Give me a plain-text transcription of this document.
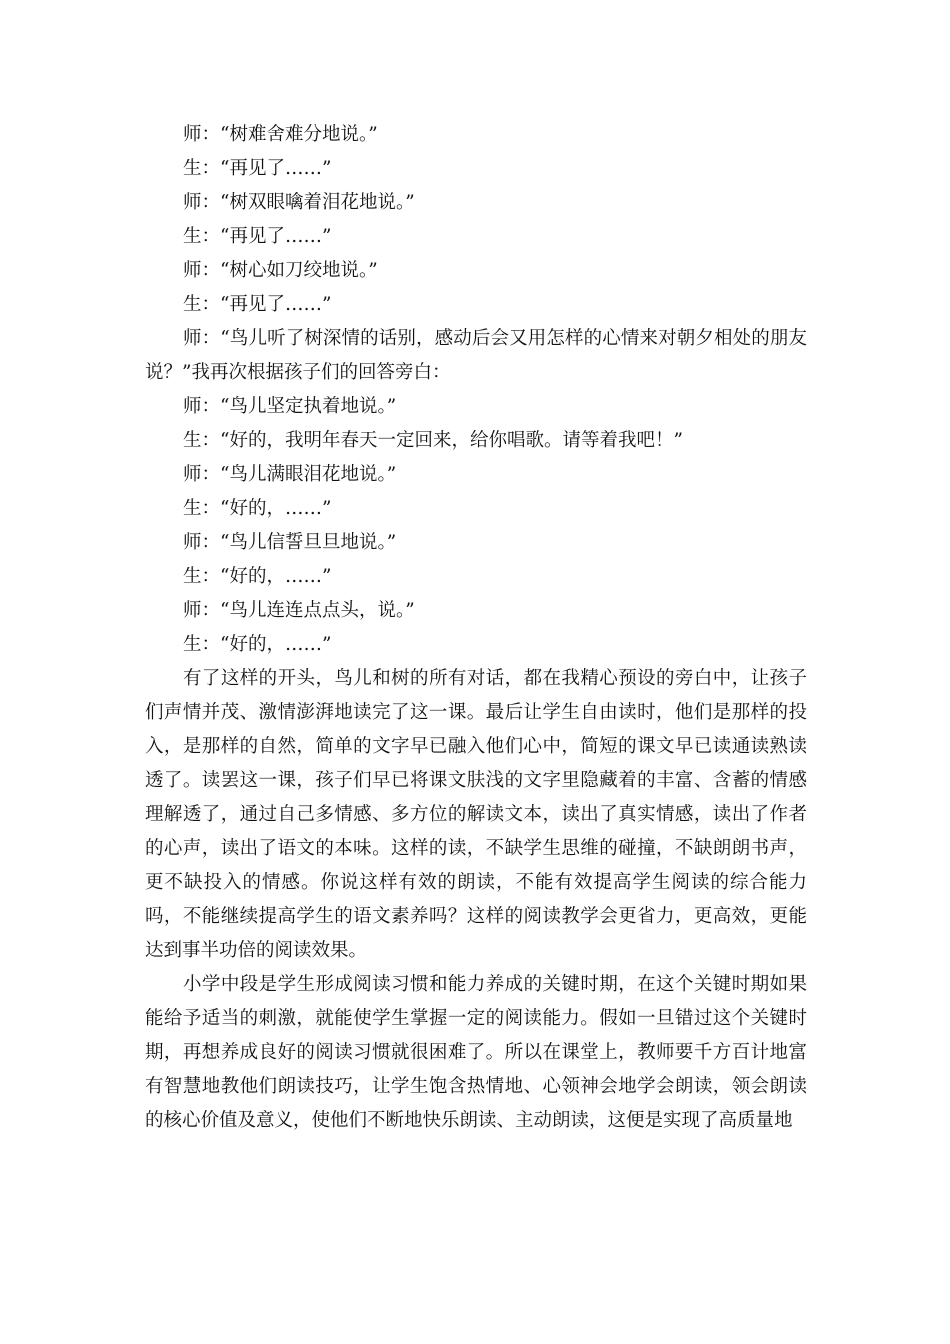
师：“树难舍难分地说。”
生：“再见了……”
师：“树双眼噙着泪花地说。”
生：“再见了……”
师：“树心如刀绞地说。”
生：“再见了……”

师：“鸟儿听了树深情的话别，感动后会又用怎样的心情来对朝夕相处的朋友说？”我再次根据孩子们的回答旁白：

师：“鸟儿坚定执着地说。”
生：“好的，我明年春天一定回来，给你唱歌。请等着我吧！”
师：“鸟儿满眼泪花地说。”
生：“好的，……”
师：“鸟儿信誓旦旦地说。”
生：“好的，……”
师：“鸟儿连连点点头，说。”
生：“好的，……”

有了这样的开头，鸟儿和树的所有对话，都在我精心预设的旁白中，让孩子们声情并茂、激情澎湃地读完了这一课。最后让学生自由读时，他们是那样的投入，是那样的自然，简单的文字早已融入他们心中，简短的课文早已读通读熟读透了。读罢这一课，孩子们早已将课文肤浅的文字里隐藏着的丰富、含蓄的情感理解透了，通过自己多情感、多方位的解读文本，读出了真实情感，读出了作者的心声，读出了语文的本味。这样的读，不缺学生思维的碰撞，不缺朗朗书声，更不缺投入的情感。你说这样有效的朗读，不能有效提高学生阅读的综合能力吗，不能继续提高学生的语文素养吗？这样的阅读教学会更省力，更高效，更能达到事半功倍的阅读效果。

小学中段是学生形成阅读习惯和能力养成的关键时期，在这个关键时期如果能给予适当的刺激，就能使学生掌握一定的阅读能力。假如一旦错过这个关键时期，再想养成良好的阅读习惯就很困难了。所以在课堂上，教师要千方百计地富有智慧地教他们朗读技巧，让学生饱含热情地、心领神会地学会朗读，领会朗读的核心价值及意义，使他们不断地快乐朗读、主动朗读，这便是实现了高质量地
